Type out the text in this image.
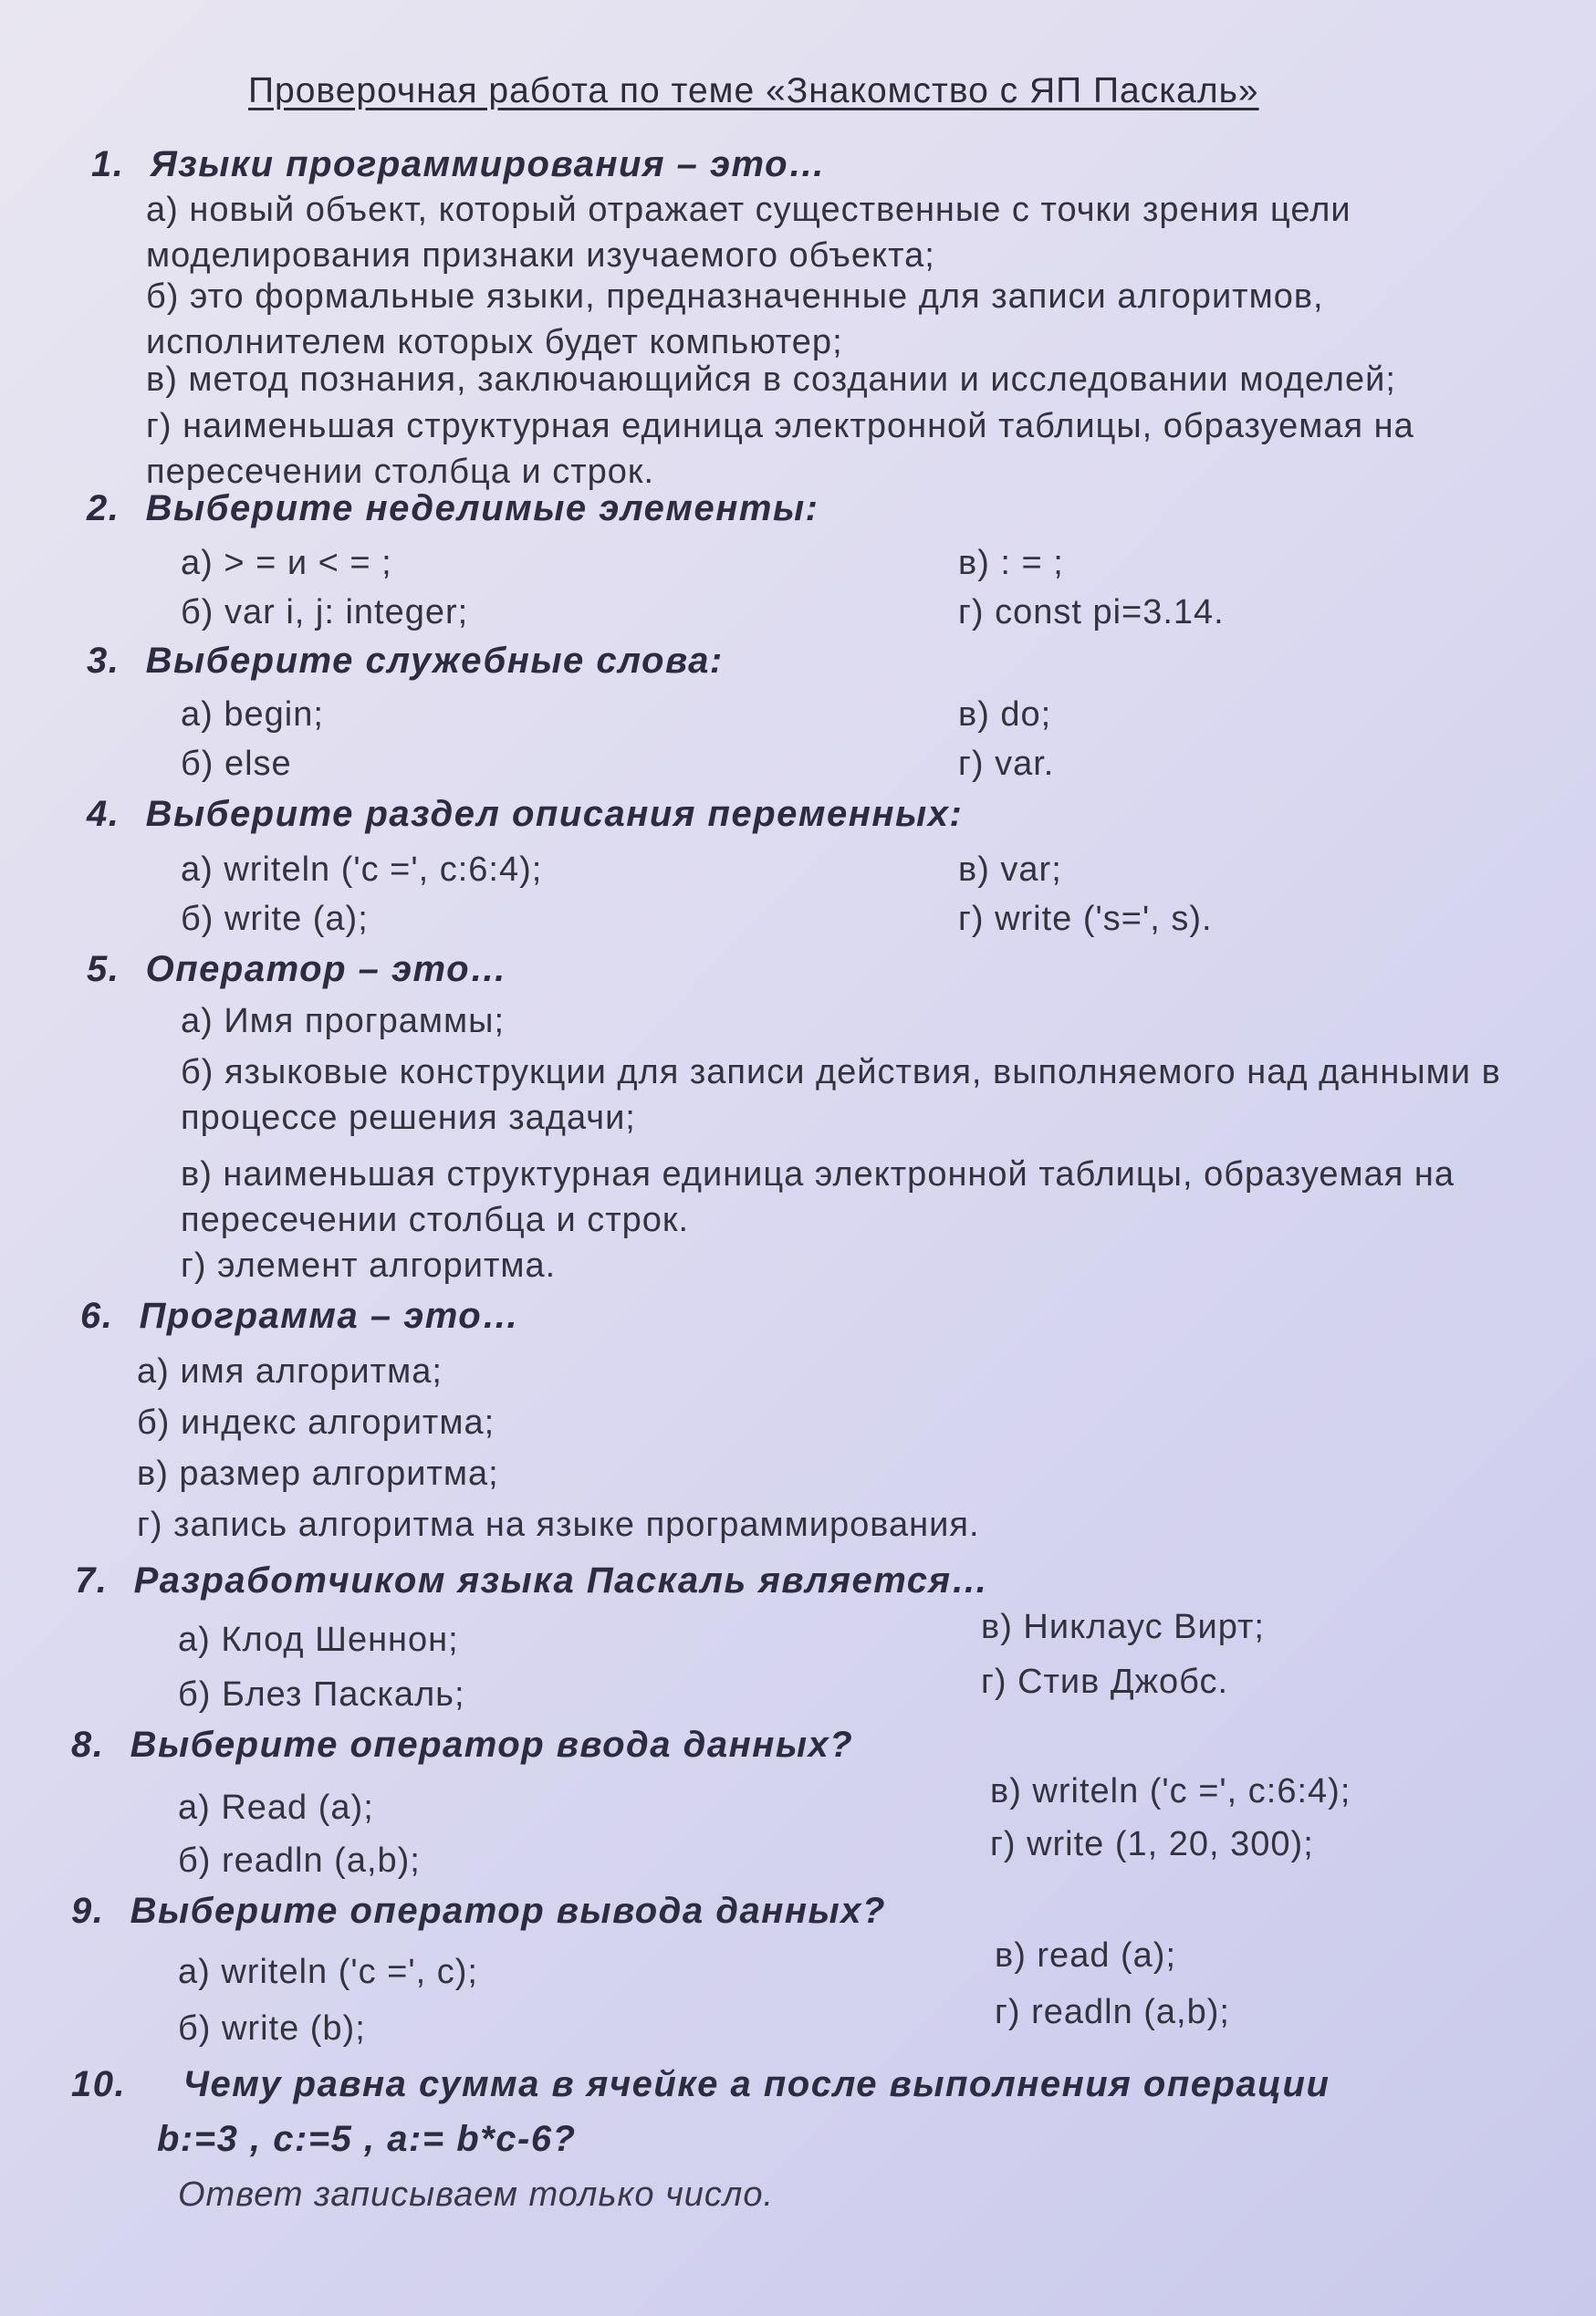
Проверочная работа по теме «Знакомство с ЯП Паскаль»
1. Языки программирования – это…
а) новый объект, который отражает существенные с точки зрения цели моделирования признаки изучаемого объекта;
б) это формальные языки, предназначенные для записи алгоритмов, исполнителем которых будет компьютер;
в) метод познания, заключающийся в создании и исследовании моделей;
г) наименьшая структурная единица электронной таблицы, образуемая на пересечении столбца и строк.
2. Выберите неделимые элементы:
а) > = и < = ;	в) : = ;
б) var i, j: integer;	г) const pi=3.14.
3. Выберите служебные слова:
а) begin;	в) do;
б) else	г) var.
4. Выберите раздел описания переменных:
а) writeln ('c =', c:6:4);	в) var;
б) write (a);	г) write ('s=', s).
5. Оператор – это…
а) Имя программы;
б) языковые конструкции для записи действия, выполняемого над данными в процессе решения задачи;
в) наименьшая структурная единица электронной таблицы, образуемая на пересечении столбца и строк.
г) элемент алгоритма.
6. Программа – это…
а) имя алгоритма;
б) индекс алгоритма;
в) размер алгоритма;
г) запись алгоритма на языке программирования.
7. Разработчиком языка Паскаль является…
а) Клод Шеннон;	в) Никлаус Вирт;
б) Блез Паскаль;	г) Стив Джобс.
8. Выберите оператор ввода данных?
а) Read (a);	в) writeln ('c =', c:6:4);
б) readln (a,b);	г) write (1, 20, 300);
9. Выберите оператор вывода данных?
а) writeln ('c =', c);	в) read (a);
б) write (b);	г) readln (a,b);
10. Чему равна сумма в ячейке а после выполнения операции
b:=3 , c:=5 , a:= b*c-6?
Ответ записываем только число.
